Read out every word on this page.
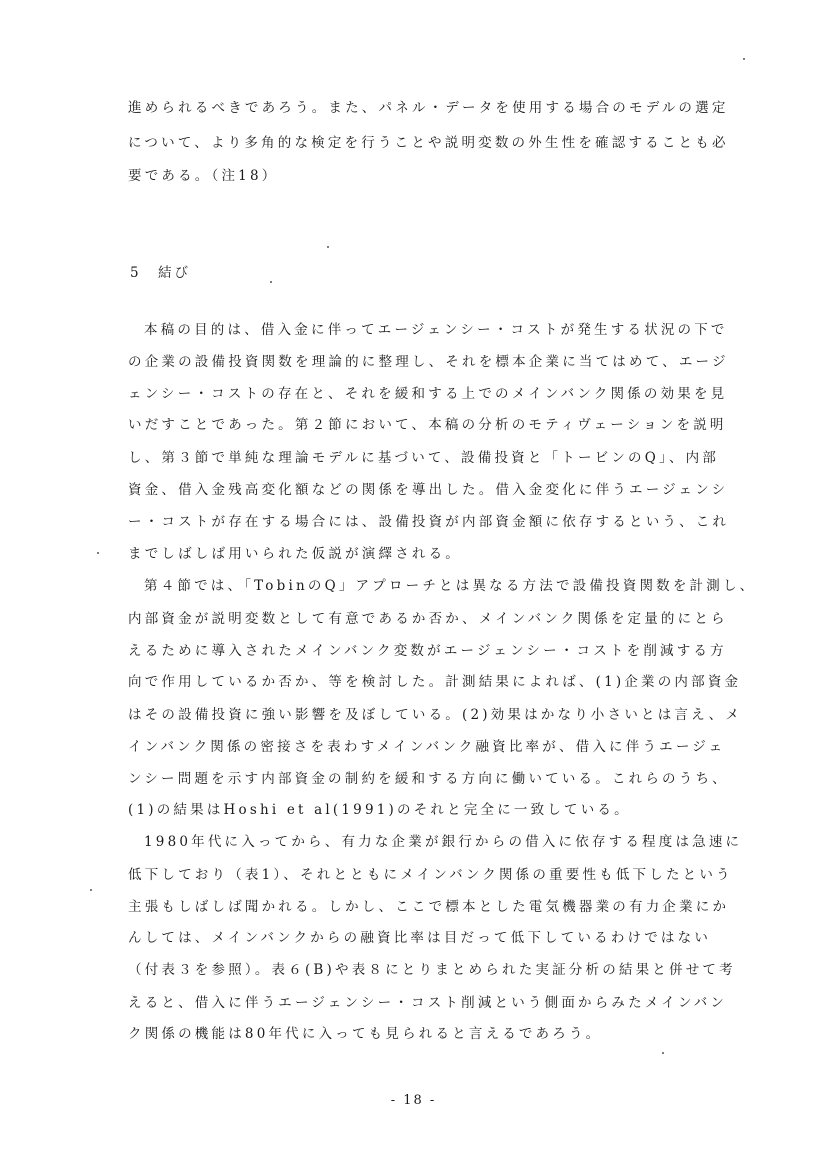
進められるべきであろう。また、パネル・データを使用する場合のモデルの選定
について、より多角的な検定を行うことや説明変数の外生性を確認することも必
要である。（注18）
5 結び
本稿の目的は、借入金に伴ってエージェンシー・コストが発生する状況の下で
の企業の設備投資関数を理論的に整理し、それを標本企業に当てはめて、エージ
ェンシー・コストの存在と、それを緩和する上でのメインバンク関係の効果を見
いだすことであった。第２節において、本稿の分析のモティヴェーションを説明
し、第３節で単純な理論モデルに基づいて、設備投資と「トービンのQ」、内部
資金、借入金残高変化額などの関係を導出した。借入金変化に伴うエージェンシ
ー・コストが存在する場合には、設備投資が内部資金額に依存するという、これ
までしばしば用いられた仮説が演繹される。
第４節では、「TobinのQ」アプローチとは異なる方法で設備投資関数を計測し、
内部資金が説明変数として有意であるか否か、メインバンク関係を定量的にとら
えるために導入されたメインバンク変数がエージェンシー・コストを削減する方
向で作用しているか否か、等を検討した。計測結果によれば、(1)企業の内部資金
はその設備投資に強い影響を及ぼしている。(2)効果はかなり小さいとは言え、メ
インバンク関係の密接さを表わすメインバンク融資比率が、借入に伴うエージェ
ンシー問題を示す内部資金の制約を緩和する方向に働いている。これらのうち、
(1)の結果はHoshi et al(1991)のそれと完全に一致している。
1980年代に入ってから、有力な企業が銀行からの借入に依存する程度は急速に
低下しており（表1）、それとともにメインバンク関係の重要性も低下したという
主張もしばしば聞かれる。しかし、ここで標本とした電気機器業の有力企業にか
んしては、メインバンクからの融資比率は目だって低下しているわけではない
（付表３を参照）。表６(B)や表８にとりまとめられた実証分析の結果と併せて考
えると、借入に伴うエージェンシー・コスト削減という側面からみたメインバン
ク関係の機能は80年代に入っても見られると言えるであろう。
- 18 -
